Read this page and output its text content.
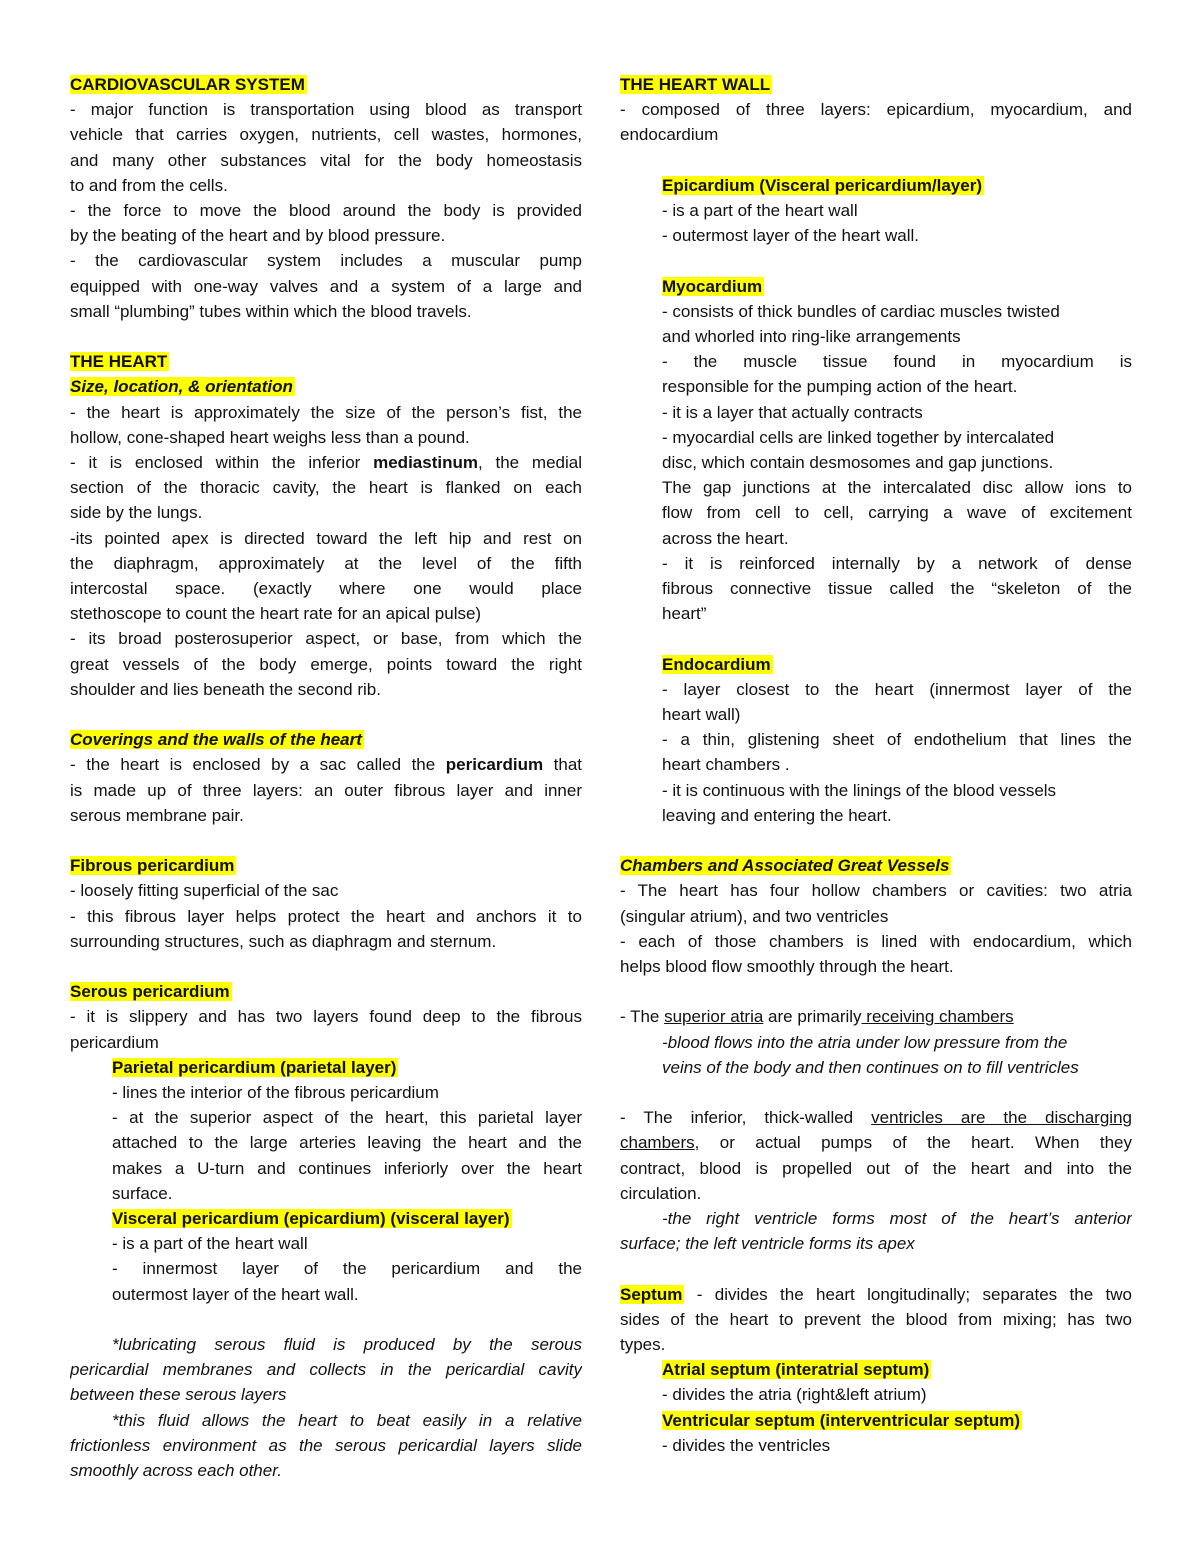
CARDIOVASCULAR SYSTEM
- major function is transportation using blood as transport
vehicle that carries oxygen, nutrients, cell wastes, hormones,
and many other substances vital for the body homeostasis
to and from the cells.
- the force to move the blood around the body is provided
by the beating of the heart and by blood pressure.
- the cardiovascular system includes a muscular pump
equipped with one-way valves and a system of a large and
small “plumbing” tubes within which the blood travels.
THE HEART
Size, location, & orientation
- the heart is approximately the size of the person’s fist, the
hollow, cone-shaped heart weighs less than a pound.
- it is enclosed within the inferior mediastinum, the medial
section of the thoracic cavity, the heart is flanked on each
side by the lungs.
-its pointed apex is directed toward the left hip and rest on
the diaphragm, approximately at the level of the fifth
intercostal space. (exactly where one would place
stethoscope to count the heart rate for an apical pulse)
- its broad posterosuperior aspect, or base, from which the
great vessels of the body emerge, points toward the right
shoulder and lies beneath the second rib.
Coverings and the walls of the heart
- the heart is enclosed by a sac called the pericardium that
is made up of three layers: an outer fibrous layer and inner
serous membrane pair.
Fibrous pericardium
- loosely fitting superficial of the sac
- this fibrous layer helps protect the heart and anchors it to
surrounding structures, such as diaphragm and sternum.
Serous pericardium
- it is slippery and has two layers found deep to the fibrous
pericardium
Parietal pericardium (parietal layer)
- lines the interior of the fibrous pericardium
- at the superior aspect of the heart, this parietal layer
attached to the large arteries leaving the heart and the
makes a U-turn and continues inferiorly over the heart
surface.
Visceral pericardium (epicardium) (visceral layer)
- is a part of the heart wall
- innermost layer of the pericardium and the
outermost layer of the heart wall.
*lubricating serous fluid is produced by the serous
pericardial membranes and collects in the pericardial cavity
between these serous layers
*this fluid allows the heart to beat easily in a relative
frictionless environment as the serous pericardial layers slide
smoothly across each other.
THE HEART WALL
- composed of three layers: epicardium, myocardium, and
endocardium
Epicardium (Visceral pericardium/layer)
- is a part of the heart wall
- outermost layer of the heart wall.
Myocardium
- consists of thick bundles of cardiac muscles twisted
and whorled into ring-like arrangements
- the muscle tissue found in myocardium is
responsible for the pumping action of the heart.
- it is a layer that actually contracts
- myocardial cells are linked together by intercalated
disc, which contain desmosomes and gap junctions.
The gap junctions at the intercalated disc allow ions to
flow from cell to cell, carrying a wave of excitement
across the heart.
- it is reinforced internally by a network of dense
fibrous connective tissue called the “skeleton of the
heart”
Endocardium
- layer closest to the heart (innermost layer of the
heart wall)
- a thin, glistening sheet of endothelium that lines the
heart chambers .
- it is continuous with the linings of the blood vessels
leaving and entering the heart.
Chambers and Associated Great Vessels
- The heart has four hollow chambers or cavities: two atria
(singular atrium), and two ventricles
- each of those chambers is lined with endocardium, which
helps blood flow smoothly through the heart.
- The superior atria are primarily receiving chambers
-blood flows into the atria under low pressure from the
veins of the body and then continues on to fill ventricles
- The inferior, thick-walled ventricles are the discharging
chambers, or actual pumps of the heart. When they
contract, blood is propelled out of the heart and into the
circulation.
-the right ventricle forms most of the heart’s anterior
surface; the left ventricle forms its apex
Septum - divides the heart longitudinally; separates the two
sides of the heart to prevent the blood from mixing; has two
types.
Atrial septum (interatrial septum)
- divides the atria (right&left atrium)
Ventricular septum (interventricular septum)
- divides the ventricles
